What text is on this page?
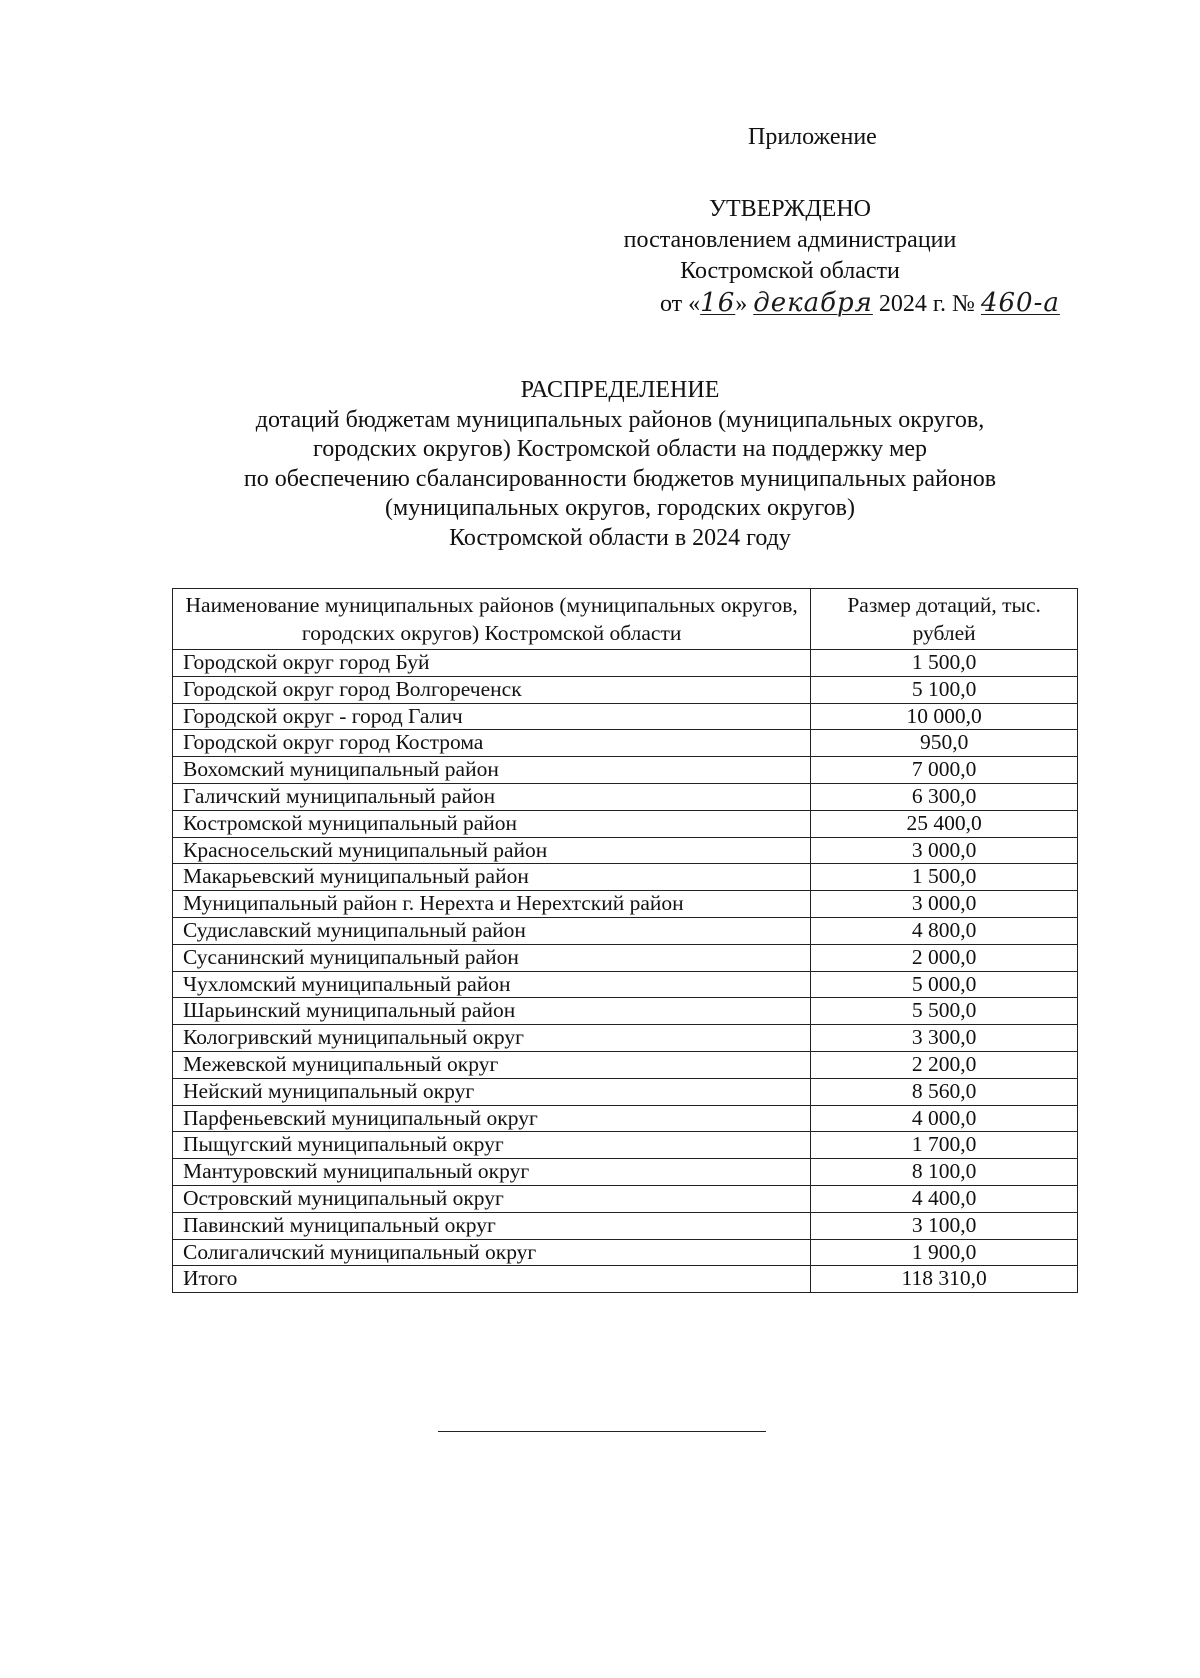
Приложение
УТВЕРЖДЕНО
постановлением администрации
Костромской области
от «16» декабря 2024 г. № 460-а
РАСПРЕДЕЛЕНИЕ
дотаций бюджетам муниципальных районов (муниципальных округов,
городских округов) Костромской области на поддержку мер
по обеспечению сбалансированности бюджетов муниципальных районов
(муниципальных округов, городских округов)
Костромской области в 2024 году
Наименование муниципальных районов (муниципальных округов, городских округов) Костромской области	Размер дотаций, тыс. рублей
Городской округ город Буй	1 500,0
Городской округ город Волгореченск	5 100,0
Городской округ - город Галич	10 000,0
Городской округ город Кострома	950,0
Вохомский муниципальный район	7 000,0
Галичский муниципальный район	6 300,0
Костромской муниципальный район	25 400,0
Красносельский муниципальный район	3 000,0
Макарьевский муниципальный район	1 500,0
Муниципальный район г. Нерехта и Нерехтский район	3 000,0
Судиславский муниципальный район	4 800,0
Сусанинский муниципальный район	2 000,0
Чухломский муниципальный район	5 000,0
Шарьинский муниципальный район	5 500,0
Кологривский муниципальный округ	3 300,0
Межевской муниципальный округ	2 200,0
Нейский муниципальный округ	8 560,0
Парфеньевский муниципальный округ	4 000,0
Пыщугский муниципальный округ	1 700,0
Мантуровский муниципальный округ	8 100,0
Островский муниципальный округ	4 400,0
Павинский муниципальный округ	3 100,0
Солигаличский муниципальный округ	1 900,0
Итого	118 310,0
